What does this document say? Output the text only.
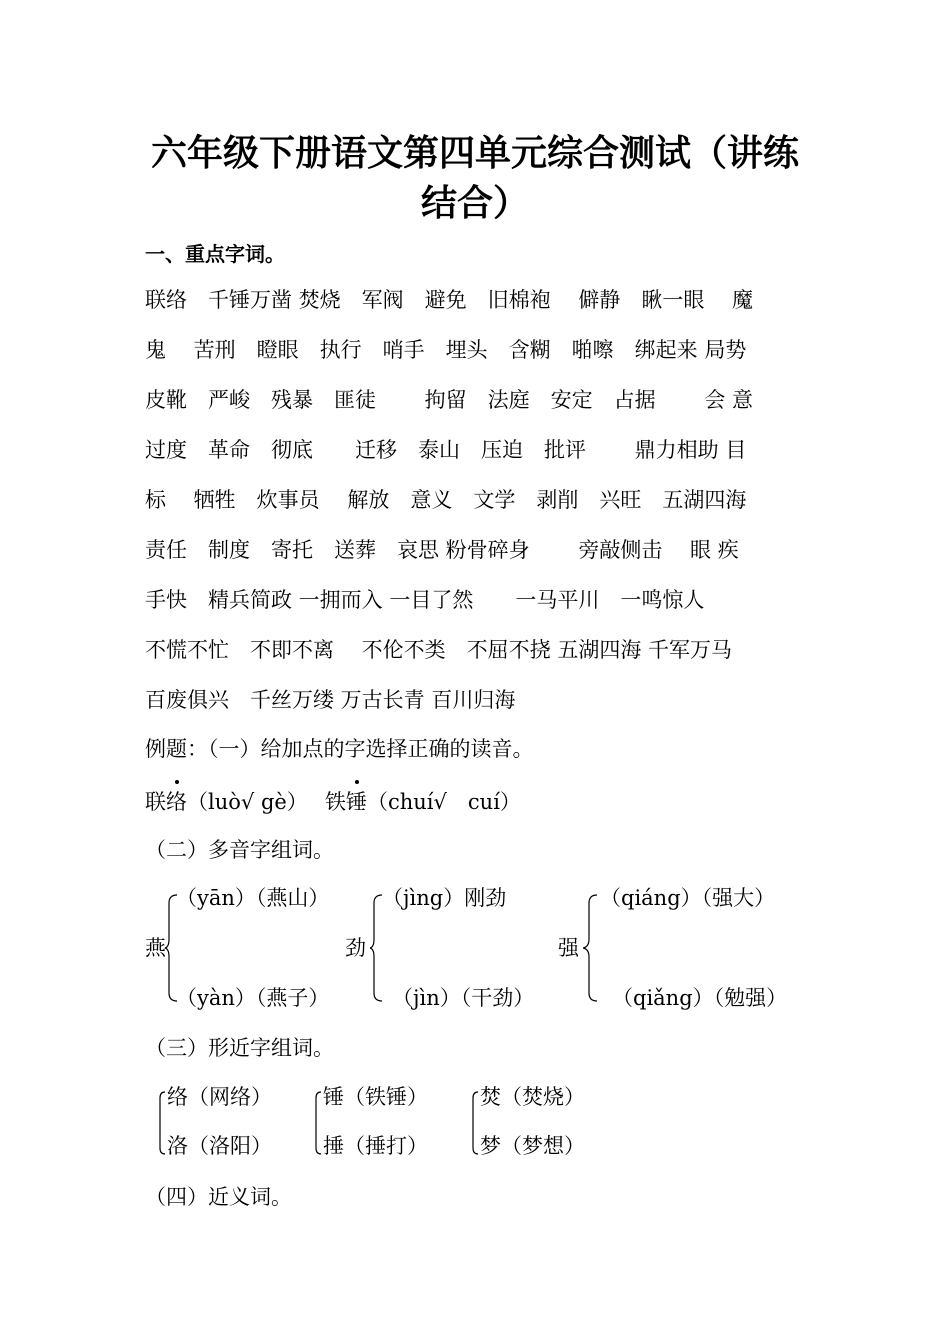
六年级下册语文第四单元综合测试（讲练
结合）

一、重点字词。

联络　千锤万凿 焚烧　军阀　避免　旧棉袍　 僻静　瞅一眼　 魔

鬼　 苦刑　瞪眼　执行　哨手　埋头　含糊　啪嚓　绑起来 局势

皮靴　严峻　残暴　匪徒　　 拘留　法庭　安定　占据　　 会 意

过度　革命　彻底　　迁移　泰山　压迫　批评　　 鼎力相助 目

标　 牺牲　炊事员　 解放　意义　文学　剥削　兴旺　五湖四海

责任　制度　寄托　送葬　哀思 粉骨碎身　　 旁敲侧击　 眼 疾

手快　精兵简政 一拥而入 一目了然　　一马平川　一鸣惊人

不慌不忙　不即不离　 不伦不类　不屈不挠 五湖四海 千军万马

百废俱兴　千丝万缕 万古长青 百川归海

例题：（一）给加点的字选择正确的读音。

联络（luò√ gè）　 铁锤（chuí√　cuí）

（二）多音字组词。

燕
（yān）（燕山）
（yàn）（燕子）
劲
（jìng）刚劲
（jìn）（干劲）
强
（qiáng）（强大）
（qiǎng）（勉强）

（三）形近字组词。

络（网络）
洛（洛阳）
锤（铁锤）
捶（捶打）
焚（焚烧）
梦（梦想）

（四）近义词。
